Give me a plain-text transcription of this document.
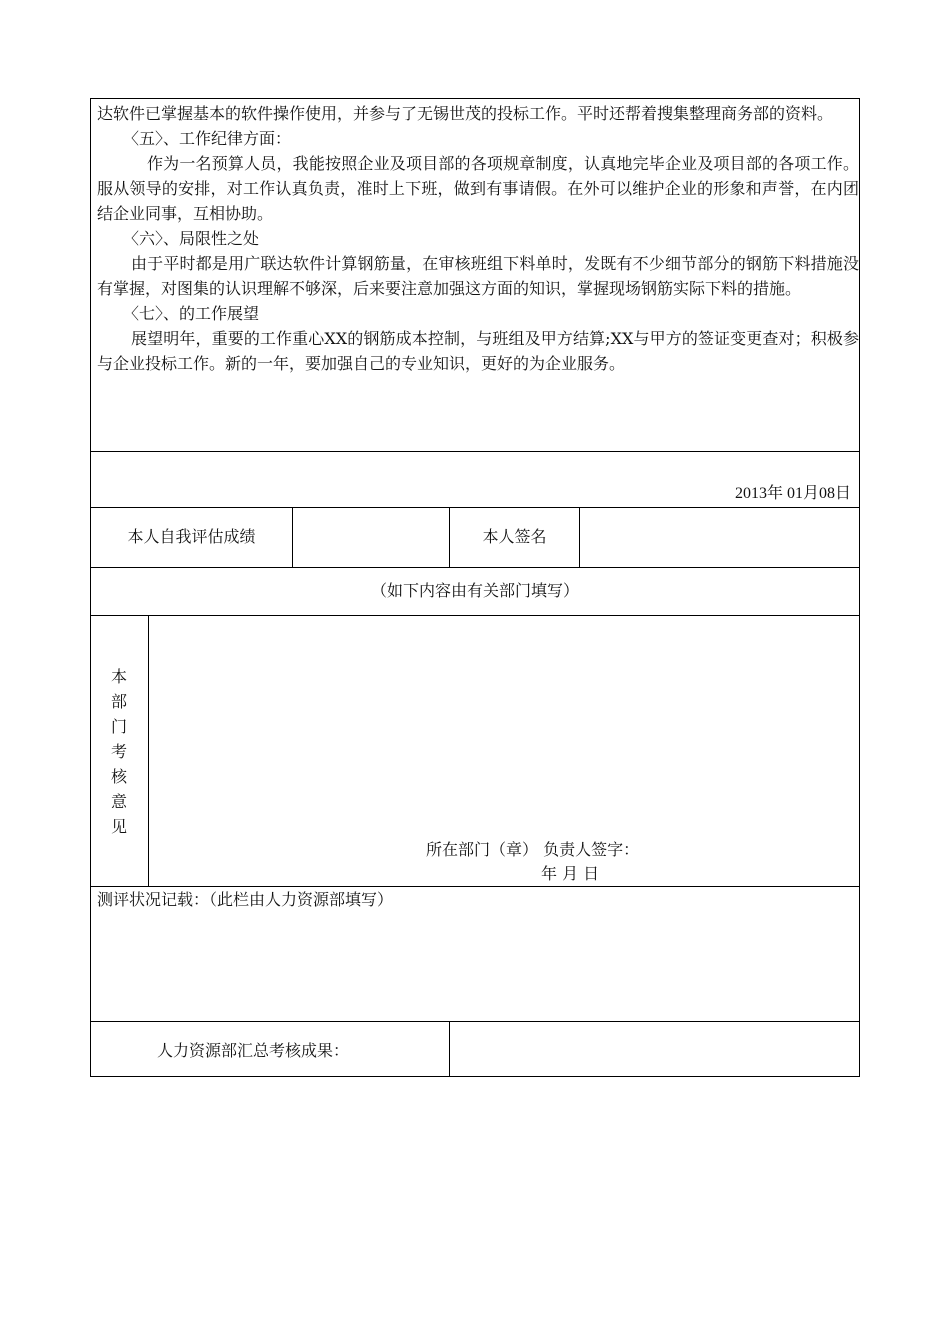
达软件已掌握基本的软件操作使用，并参与了无锡世茂的投标工作。平时还帮着搜集整理商务部的资料。

〈五〉、工作纪律方面：

作为一名预算人员，我能按照企业及项目部的各项规章制度，认真地完毕企业及项目部的各项工作。服从领导的安排，对工作认真负责，准时上下班，做到有事请假。在外可以维护企业的形象和声誉，在内团结企业同事，互相协助。

〈六〉、局限性之处

由于平时都是用广联达软件计算钢筋量，在审核班组下料单时，发既有不少细节部分的钢筋下料措施没有掌握，对图集的认识理解不够深，后来要注意加强这方面的知识，掌握现场钢筋实际下料的措施。

〈七〉、的工作展望

展望明年，重要的工作重心XX的钢筋成本控制，与班组及甲方结算;XX与甲方的签证变更查对；积极参与企业投标工作。新的一年，要加强自己的专业知识，更好的为企业服务。

2013年 01月08日
本人自我评估成绩	本人签名
（如下内容由有关部门填写）
本
部
门
考
核
意
见
所在部门（章） 负责人签字：
年 月 日
测评状况记载：（此栏由人力资源部填写）
人力资源部汇总考核成果：
